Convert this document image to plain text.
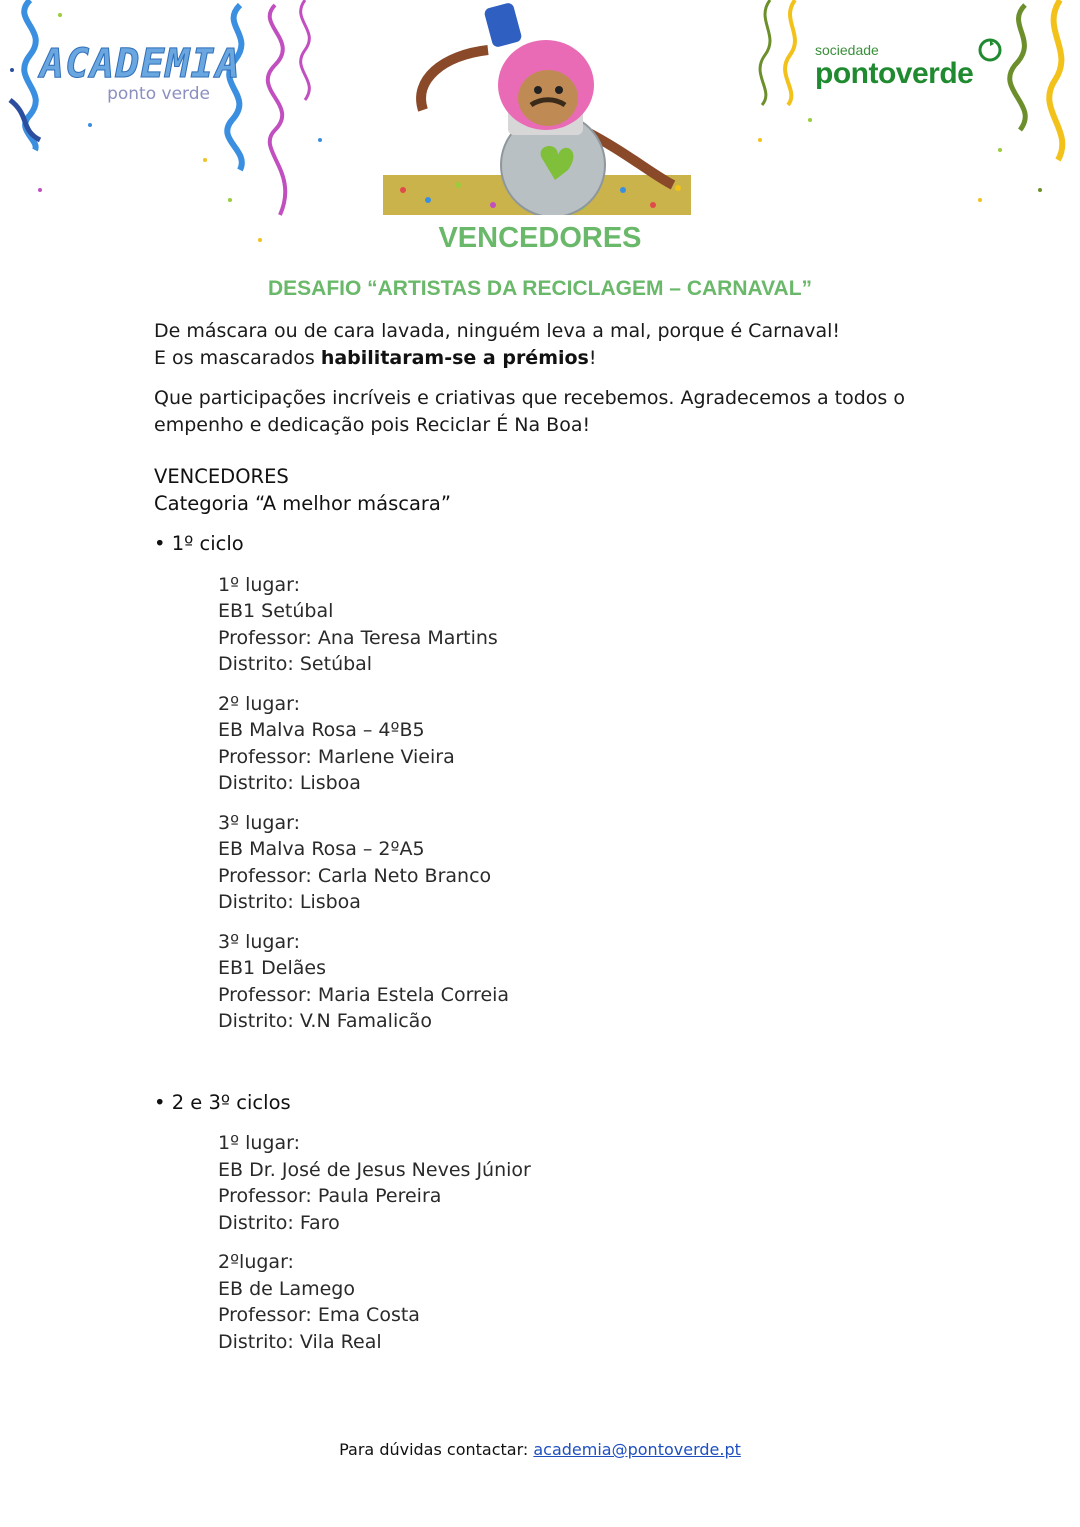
ACADEMIA
ponto verde
sociedade
pontoverde
VENCEDORES
DESAFIO “ARTISTAS DA RECICLAGEM – CARNAVAL”

De máscara ou de cara lavada, ninguém leva a mal, porque é Carnaval!

E os mascarados habilitaram-se a prémios!

Que participações incríveis e criativas que recebemos. Agradecemos a todos o empenho e dedicação pois Reciclar É Na Boa!

VENCEDORES

Categoria “A melhor máscara”

• 1º ciclo

1º lugar:
EB1 Setúbal
Professor: Ana Teresa Martins
Distrito: Setúbal
2º lugar:
EB Malva Rosa – 4ºB5
Professor: Marlene Vieira
Distrito: Lisboa
3º lugar:
EB Malva Rosa – 2ºA5
Professor: Carla Neto Branco
Distrito: Lisboa
3º lugar:
EB1 Delães
Professor: Maria Estela Correia
Distrito: V.N Famalicão

• 2 e 3º ciclos

1º lugar:
EB Dr. José de Jesus Neves Júnior
Professor: Paula Pereira
Distrito: Faro
2ºlugar:
EB de Lamego
Professor: Ema Costa
Distrito: Vila Real
Para dúvidas contactar: academia@pontoverde.pt
